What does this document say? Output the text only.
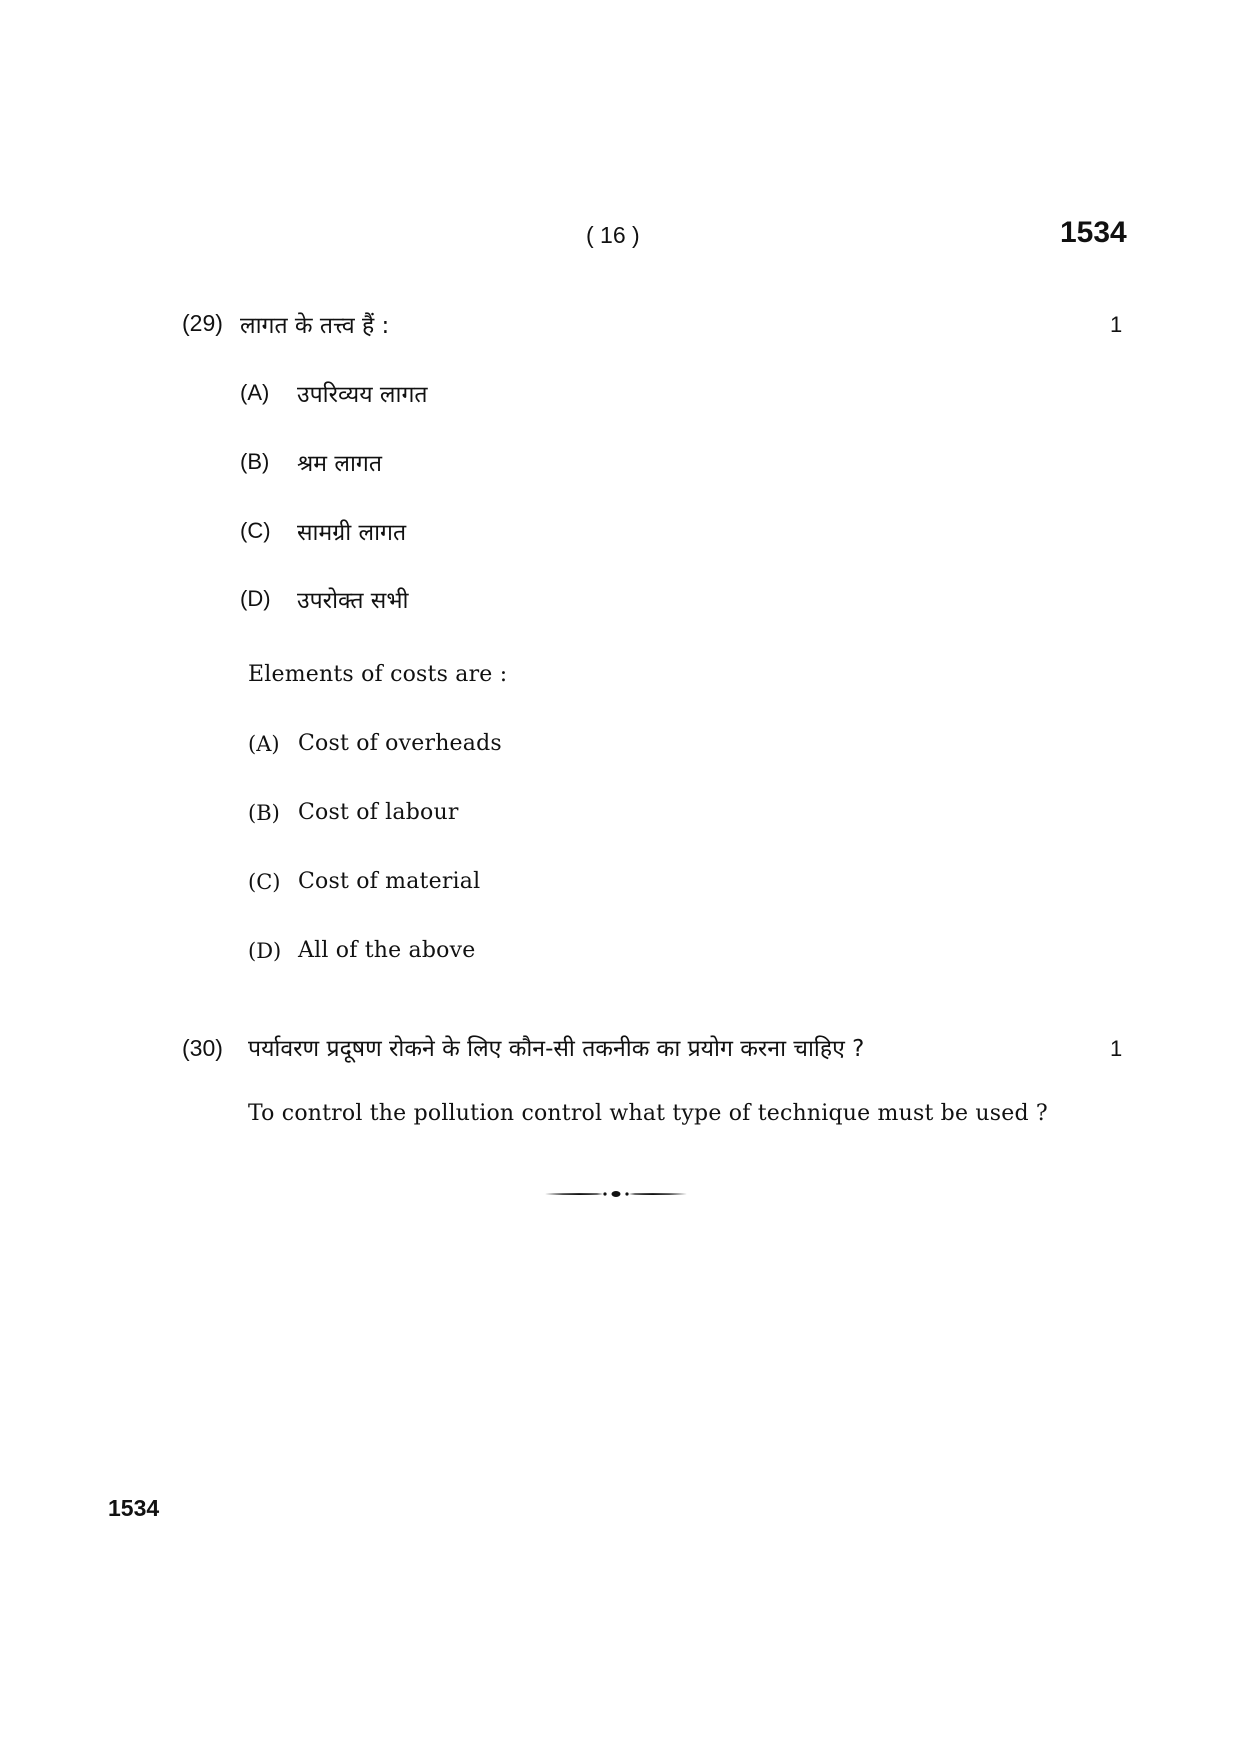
( 16 )	1534
(29) लागत के तत्त्व हैं :	1
(A) उपरिव्यय लागत
(B) श्रम लागत
(C) सामग्री लागत
(D) उपरोक्त सभी
Elements of costs are :
(A) Cost of overheads
(B) Cost of labour
(C) Cost of material
(D) All of the above
(30) पर्यावरण प्रदूषण रोकने के लिए कौन-सी तकनीक का प्रयोग करना चाहिए ?	1
To control the pollution control what type of technique must be used ?
1534
